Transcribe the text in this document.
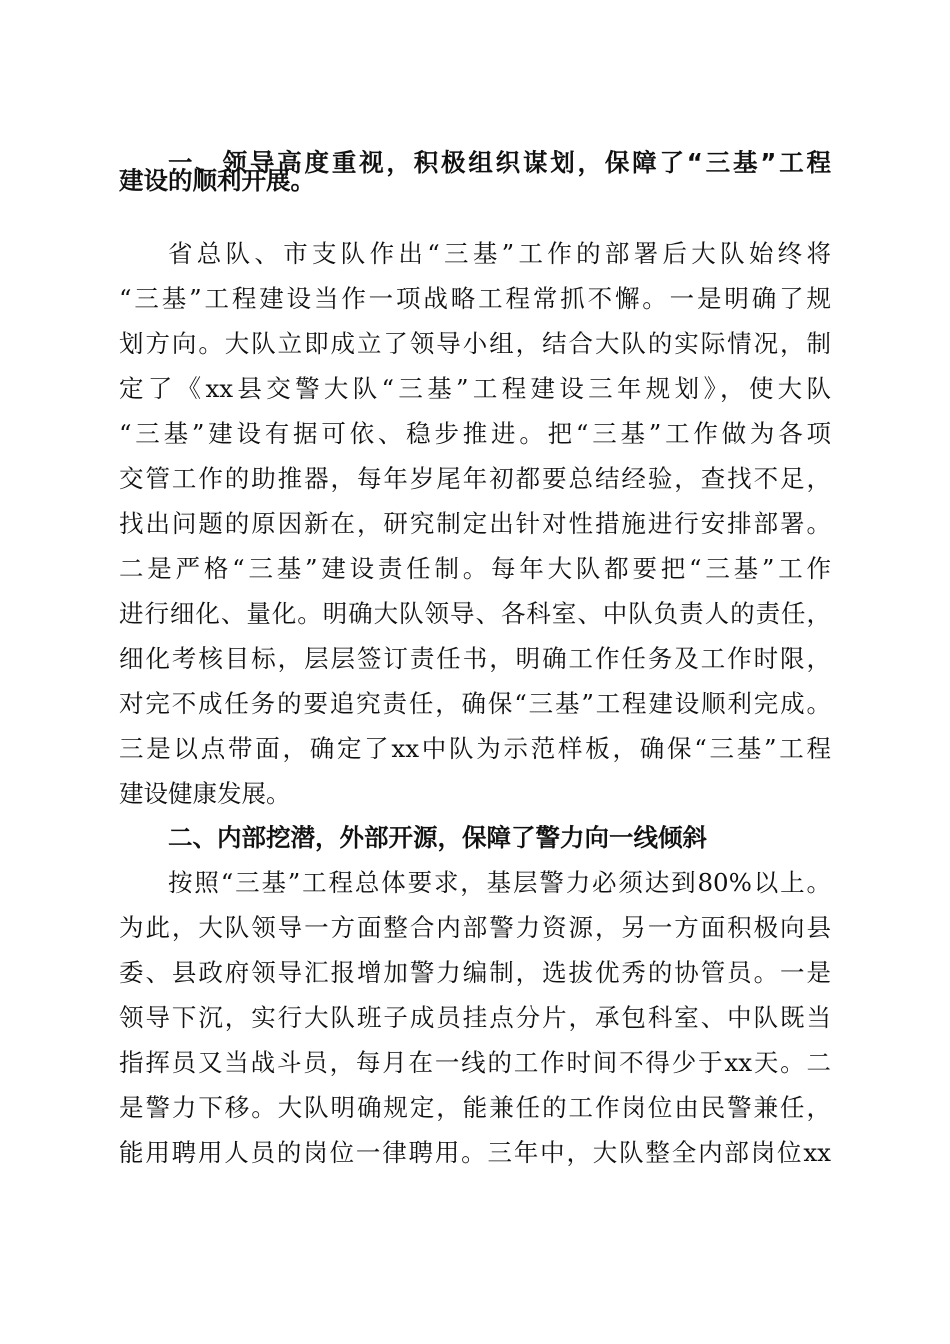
一、领导高度重视，积极组织谋划，保障了“三基”工程
建设的顺利开展。
省总队、市支队作出“三基”工作的部署后大队始终将
“三基”工程建设当作一项战略工程常抓不懈。一是明确了规
划方向。大队立即成立了领导小组，结合大队的实际情况，制
定了《xx县交警大队“三基”工程建设三年规划》，使大队
“三基”建设有据可依、稳步推进。把“三基”工作做为各项
交管工作的助推器，每年岁尾年初都要总结经验，查找不足，
找出问题的原因新在，研究制定出针对性措施进行安排部署。
二是严格“三基”建设责任制。每年大队都要把“三基”工作
进行细化、量化。明确大队领导、各科室、中队负责人的责任，
细化考核目标，层层签订责任书，明确工作任务及工作时限，
对完不成任务的要追究责任，确保“三基”工程建设顺利完成。
三是以点带面，确定了xx中队为示范样板，确保“三基”工程
建设健康发展。
二、内部挖潜，外部开源，保障了警力向一线倾斜
按照“三基”工程总体要求，基层警力必须达到80%以上。
为此，大队领导一方面整合内部警力资源，另一方面积极向县
委、县政府领导汇报增加警力编制，选拔优秀的协管员。一是
领导下沉，实行大队班子成员挂点分片，承包科室、中队既当
指挥员又当战斗员，每月在一线的工作时间不得少于xx天。二
是警力下移。大队明确规定，能兼任的工作岗位由民警兼任，
能用聘用人员的岗位一律聘用。三年中，大队整全内部岗位xx
